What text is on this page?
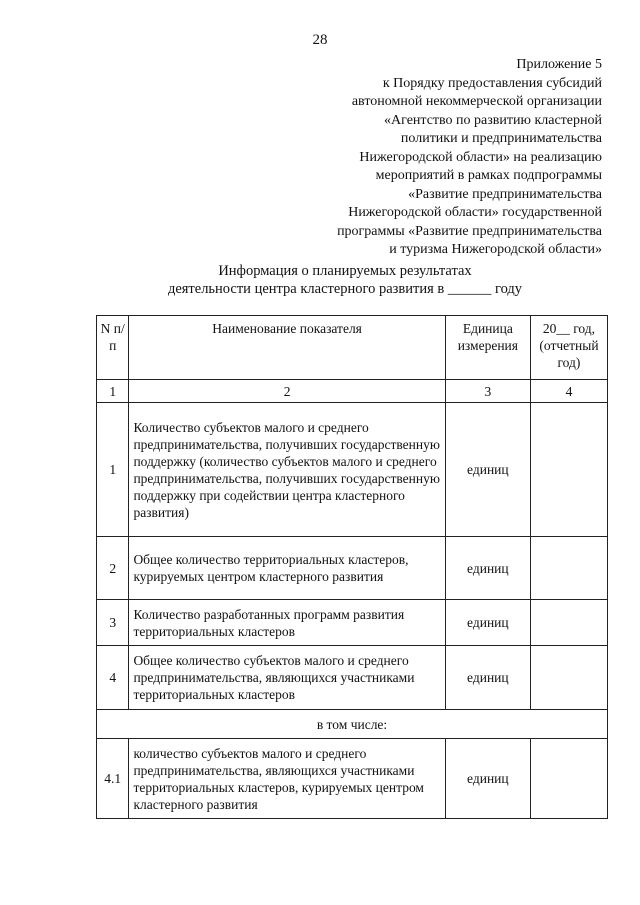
28
Приложение 5
к Порядку предоставления субсидий
автономной некоммерческой организации
«Агентство по развитию кластерной
политики и предпринимательства
Нижегородской области» на реализацию
мероприятий в рамках подпрограммы
«Развитие предпринимательства
Нижегородской области» государственной
программы «Развитие предпринимательства
и туризма Нижегородской области»
Информация о планируемых результатах
деятельности центра кластерного развития в ______ году
N п/п	Наименование показателя	Единица измерения	20__ год, (отчетный год)
1	2	3	4
1	Количество субъектов малого и среднего предпринимательства, получивших государственную поддержку (количество субъектов малого и среднего предпринимательства, получивших государственную поддержку при содействии центра кластерного развития)	единиц	
2	Общее количество территориальных кластеров, курируемых центром кластерного развития	единиц	
3	Количество разработанных программ развития территориальных кластеров	единиц	
4	Общее количество субъектов малого и среднего предпринимательства, являющихся участниками территориальных кластеров	единиц	
в том числе:			
4.1	количество субъектов малого и среднего предпринимательства, являющихся участниками территориальных кластеров, курируемых центром кластерного развития	единиц	
